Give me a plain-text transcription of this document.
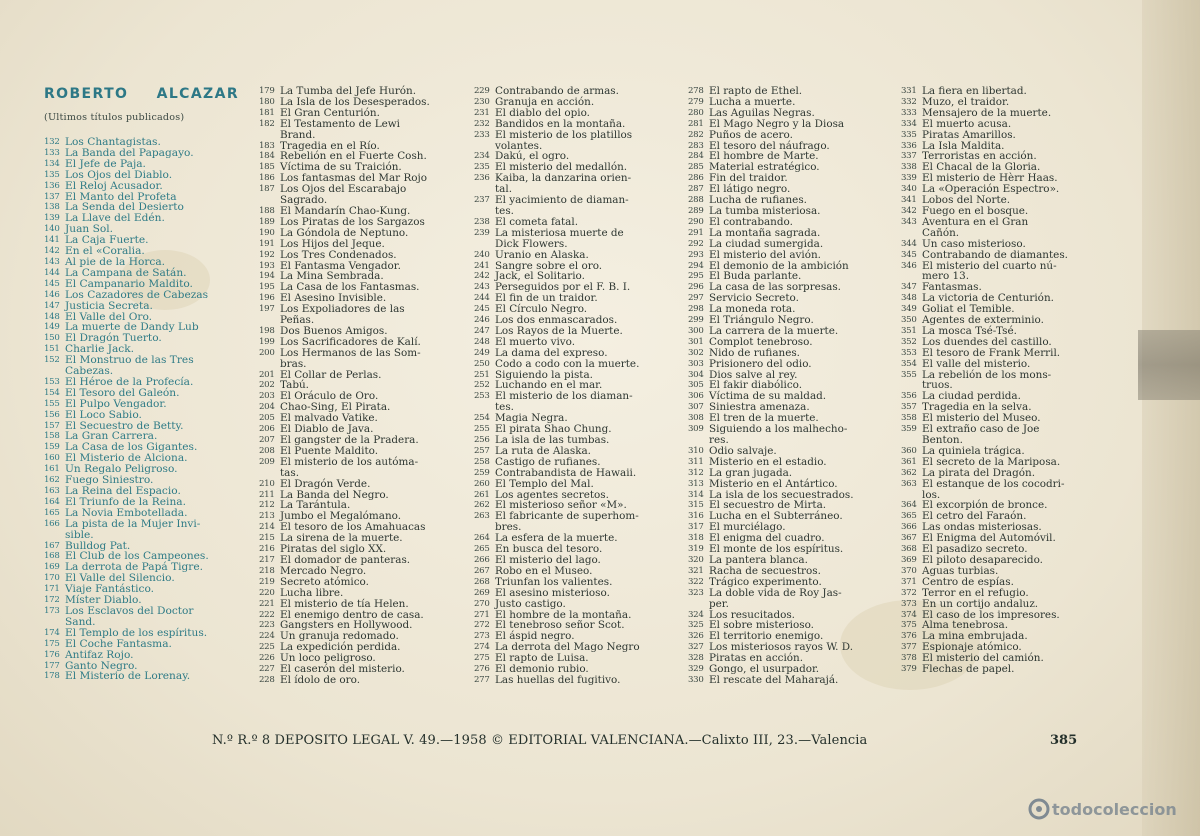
ROBERTO ALCAZAR
(Ultimos títulos publicados)
132 Los Chantagistas.
133 La Banda del Papagayo.
134 El Jefe de Paja.
135 Los Ojos del Diablo.
136 El Reloj Acusador.
137 El Manto del Profeta
138 La Senda del Desierto
139 La Llave del Edén.
140 Juan Sol.
141 La Caja Fuerte.
142 En el «Coralia.
143 Al pie de la Horca.
144 La Campana de Satán.
145 El Campanario Maldito.
146 Los Cazadores de Cabezas
147 Justicia Secreta.
148 El Valle del Oro.
149 La muerte de Dandy Lub
150 El Dragón Tuerto.
151 Charlie Jack.
152 El Monstruo de las Tres
Cabezas.
153 El Héroe de la Profecía.
154 El Tesoro del Galeón.
155 El Pulpo Vengador.
156 El Loco Sabio.
157 El Secuestro de Betty.
158 La Gran Carrera.
159 La Casa de los Gigantes.
160 El Misterio de Alciona.
161 Un Regalo Peligroso.
162 Fuego Siniestro.
163 La Reina del Espacio.
164 El Triunfo de la Reina.
165 La Novia Embotellada.
166 La pista de la Mujer Invi-
sible.
167 Bulldog Pat.
168 El Club de los Campeones.
169 La derrota de Papá Tigre.
170 El Valle del Silencio.
171 Viaje Fantástico.
172 Míster Diablo.
173 Los Esclavos del Doctor
Sand.
174 El Templo de los espíritus.
175 El Coche Fantasma.
176 Antifaz Rojo.
177 Ganto Negro.
178 El Misterio de Lorenay.
179 La Tumba del Jefe Hurón.
180 La Isla de los Desesperados.
181 El Gran Centurión.
182 El Testamento de Lewi
Brand.
183 Tragedia en el Río.
184 Rebelión en el Fuerte Cosh.
185 Víctima de su Traición.
186 Los fantasmas del Mar Rojo
187 Los Ojos del Escarabajo
Sagrado.
188 El Mandarín Chao-Kung.
189 Los Piratas de los Sargazos
190 La Góndola de Neptuno.
191 Los Hijos del Jeque.
192 Los Tres Condenados.
193 El Fantasma Vengador.
194 La Mina Sembrada.
195 La Casa de los Fantasmas.
196 El Asesino Invisible.
197 Los Expoliadores de las
Peñas.
198 Dos Buenos Amigos.
199 Los Sacrificadores de Kalí.
200 Los Hermanos de las Som-
bras.
201 El Collar de Perlas.
202 Tabú.
203 El Oráculo de Oro.
204 Chao-Sing, El Pirata.
205 El malvado Vatike.
206 El Diablo de Java.
207 El gangster de la Pradera.
208 El Puente Maldito.
209 El misterio de los autóma-
tas.
210 El Dragón Verde.
211 La Banda del Negro.
212 La Tarántula.
213 Jumbo el Megalómano.
214 El tesoro de los Amahuacas
215 La sirena de la muerte.
216 Piratas del siglo XX.
217 El domador de panteras.
218 Mercado Negro.
219 Secreto atómico.
220 Lucha libre.
221 El misterio de tía Helen.
222 El enemigo dentro de casa.
223 Gangsters en Hollywood.
224 Un granuja redomado.
225 La expedición perdida.
226 Un loco peligroso.
227 El caserón del misterio.
228 El ídolo de oro.
229 Contrabando de armas.
230 Granuja en acción.
231 El diablo del opio.
232 Bandidos en la montaña.
233 El misterio de los platillos
volantes.
234 Dakú, el ogro.
235 El misterio del medallón.
236 Kaiba, la danzarina orien-
tal.
237 El yacimiento de diaman-
tes.
238 El cometa fatal.
239 La misteriosa muerte de
Dick Flowers.
240 Uranio en Alaska.
241 Sangre sobre el oro.
242 Jack, el Solitario.
243 Perseguidos por el F. B. I.
244 El fin de un traidor.
245 El Círculo Negro.
246 Los dos enmascarados.
247 Los Rayos de la Muerte.
248 El muerto vivo.
249 La dama del expreso.
250 Codo a codo con la muerte.
251 Siguiendo la pista.
252 Luchando en el mar.
253 El misterio de los diaman-
tes.
254 Magia Negra.
255 El pirata Shao Chung.
256 La isla de las tumbas.
257 La ruta de Alaska.
258 Castigo de rufianes.
259 Contrabandista de Hawaii.
260 El Templo del Mal.
261 Los agentes secretos.
262 El misterioso señor «M».
263 El fabricante de superhom-
bres.
264 La esfera de la muerte.
265 En busca del tesoro.
266 El misterio del lago.
267 Robo en el Museo.
268 Triunfan los valientes.
269 El asesino misterioso.
270 Justo castigo.
271 El hombre de la montaña.
272 El tenebroso señor Scot.
273 El áspid negro.
274 La derrota del Mago Negro
275 El rapto de Luisa.
276 El demonio rubio.
277 Las huellas del fugitivo.
278 El rapto de Ethel.
279 Lucha a muerte.
280 Las Aguilas Negras.
281 El Mago Negro y la Diosa
282 Puños de acero.
283 El tesoro del náufrago.
284 El hombre de Marte.
285 Material estratégico.
286 Fin del traidor.
287 El látigo negro.
288 Lucha de rufianes.
289 La tumba misteriosa.
290 El contrabando.
291 La montaña sagrada.
292 La ciudad sumergida.
293 El misterio del avión.
294 El demonio de la ambición
295 El Buda parlante.
296 La casa de las sorpresas.
297 Servicio Secreto.
298 La moneda rota.
299 El Triángulo Negro.
300 La carrera de la muerte.
301 Complot tenebroso.
302 Nido de rufianes.
303 Prisionero del odio.
304 Dios salve al rey.
305 El fakir diabólico.
306 Víctima de su maldad.
307 Siniestra amenaza.
308 El tren de la muerte.
309 Siguiendo a los malhecho-
res.
310 Odio salvaje.
311 Misterio en el estadio.
312 La gran jugada.
313 Misterio en el Antártico.
314 La isla de los secuestrados.
315 El secuestro de Mirta.
316 Lucha en el Subterráneo.
317 El murciélago.
318 El enigma del cuadro.
319 El monte de los espíritus.
320 La pantera blanca.
321 Racha de secuestros.
322 Trágico experimento.
323 La doble vida de Roy Jas-
per.
324 Los resucitados.
325 El sobre misterioso.
326 El territorio enemigo.
327 Los misteriosos rayos W. D.
328 Piratas en acción.
329 Gongo, el usurpador.
330 El rescate del Maharajá.
331 La fiera en libertad.
332 Muzo, el traidor.
333 Mensajero de la muerte.
334 El muerto acusa.
335 Piratas Amarillos.
336 La Isla Maldita.
337 Terroristas en acción.
338 El Chacal de la Gloria.
339 El misterio de Hèrr Haas.
340 La «Operación Espectro».
341 Lobos del Norte.
342 Fuego en el bosque.
343 Aventura en el Gran
Cañón.
344 Un caso misterioso.
345 Contrabando de diamantes.
346 El misterio del cuarto nú-
mero 13.
347 Fantasmas.
348 La victoria de Centurión.
349 Goliat el Temible.
350 Agentes de exterminio.
351 La mosca Tsé-Tsé.
352 Los duendes del castillo.
353 El tesoro de Frank Merril.
354 El valle del misterio.
355 La rebelión de los mons-
truos.
356 La ciudad perdida.
357 Tragedia en la selva.
358 El misterio del Museo.
359 El extraño caso de Joe
Benton.
360 La quiniela trágica.
361 El secreto de la Mariposa.
362 La pirata del Dragón.
363 El estanque de los cocodri-
los.
364 El excorpión de bronce.
365 El cetro del Faraón.
366 Las ondas misteriosas.
367 El Enigma del Automóvil.
368 El pasadizo secreto.
369 El piloto desaparecido.
370 Aguas turbias.
371 Centro de espías.
372 Terror en el refugio.
373 En un cortijo andaluz.
374 El caso de los impresores.
375 Alma tenebrosa.
376 La mina embrujada.
377 Espionaje atómico.
378 El misterio del camión.
379 Flechas de papel.
N.º R.º 8 DEPOSITO LEGAL V. 49.—1958 © EDITORIAL VALENCIANA.—Calixto III, 23.—Valencia	385
todocoleccion
